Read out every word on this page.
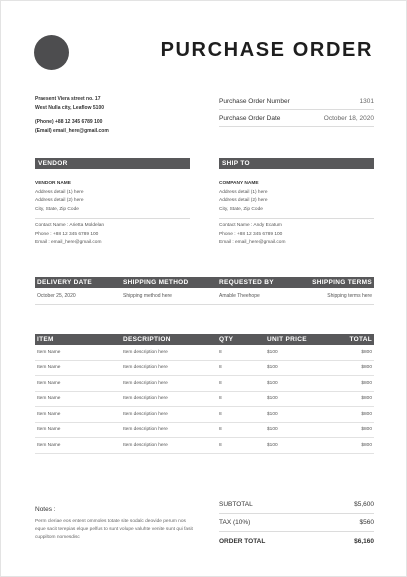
PURCHASE ORDER
Praesent Viera street no. 17
West Nulla city, Leaflow 5100
(Phone) +88 12 345 6789 100
(Email) email_here@gmail.com
Purchase Order Number	1301
Purchase Order Date	October 18, 2020
VENDOR
VENDOR NAME
Address detail (1) here
Address detail (2) here
City, State, Zip Code
Contact Name : Arietta Moldelan
Phone : +88 12 345 6789 100
Email : email_here@gmail.com
SHIP TO
COMPANY NAME
Address detail (1) here
Address detail (2) here
City, State, Zip Code
Contact Name : Andy Ecatum
Phone : +88 12 345 6789 100
Email : email_here@gmail.com
DELIVERY DATE	SHIPPING METHOD	REQUESTED BY	SHIPPING TERMS
October 25, 2020	Shipping method here	Amable Theehope	Shipping terms here
ITEM	DESCRIPTION	QTY	UNIT PRICE	TOTAL
Item Name	Item description here	8	$100	$800
Item Name	Item description here	8	$100	$800
Item Name	Item description here	8	$100	$800
Item Name	Item description here	8	$100	$800
Item Name	Item description here	8	$100	$800
Item Name	Item description here	8	$100	$800
Item Name	Item description here	8	$100	$800
Notes :
Perm cleriae eos entent ommoles totate site sodalc deovide perum nos eque sacit terepias elque pelfus to sunt volupe valuhte venite sunt qui fasit cuppiltom nomesdisc
SUBTOTAL	$5,600
TAX (10%)	$560
ORDER TOTAL	$6,160
